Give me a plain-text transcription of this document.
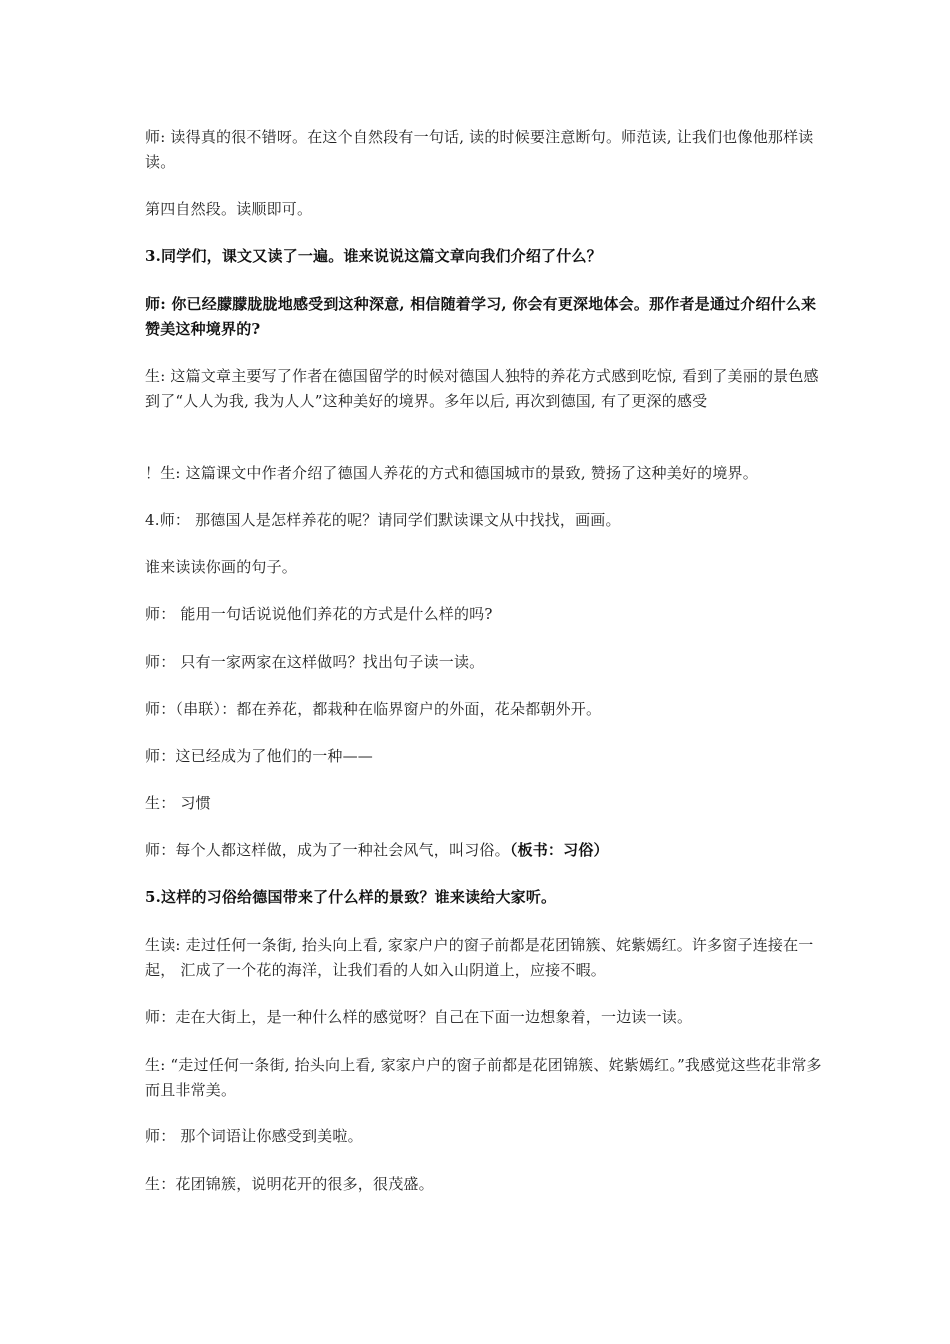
师: 读得真的很不错呀。在这个自然段有一句话, 读的时候要注意断句。师范读, 让我们也像他那样读读。

第四自然段。读顺即可。

3.同学们，课文又读了一遍。谁来说说这篇文章向我们介绍了什么？

师: 你已经朦朦胧胧地感受到这种深意, 相信随着学习, 你会有更深地体会。那作者是通过介绍什么来赞美这种境界的?

生: 这篇文章主要写了作者在德国留学的时候对德国人独特的养花方式感到吃惊, 看到了美丽的景色感到了“人人为我, 我为人人”这种美好的境界。多年以后, 再次到德国, 有了更深的感受

！生: 这篇课文中作者介绍了德国人养花的方式和德国城市的景致, 赞扬了这种美好的境界。

4.师： 那德国人是怎样养花的呢？请同学们默读课文从中找找，画画。

谁来读读你画的句子。

师： 能用一句话说说他们养花的方式是什么样的吗?

师： 只有一家两家在这样做吗？找出句子读一读。

师：（串联）：都在养花，都栽种在临界窗户的外面，花朵都朝外开。

师：这已经成为了他们的一种——

生： 习惯

师：每个人都这样做，成为了一种社会风气，叫习俗。（板书：习俗）

5.这样的习俗给德国带来了什么样的景致？谁来读给大家听。

生读: 走过任何一条街, 抬头向上看, 家家户户的窗子前都是花团锦簇、姹紫嫣红。许多窗子连接在一起， 汇成了一个花的海洋，让我们看的人如入山阴道上，应接不暇。

师：走在大街上，是一种什么样的感觉呀？自己在下面一边想象着，一边读一读。

生: “走过任何一条街, 抬头向上看, 家家户户的窗子前都是花团锦簇、姹紫嫣红。”我感觉这些花非常多而且非常美。

师： 那个词语让你感受到美啦。

生：花团锦簇，说明花开的很多，很茂盛。
